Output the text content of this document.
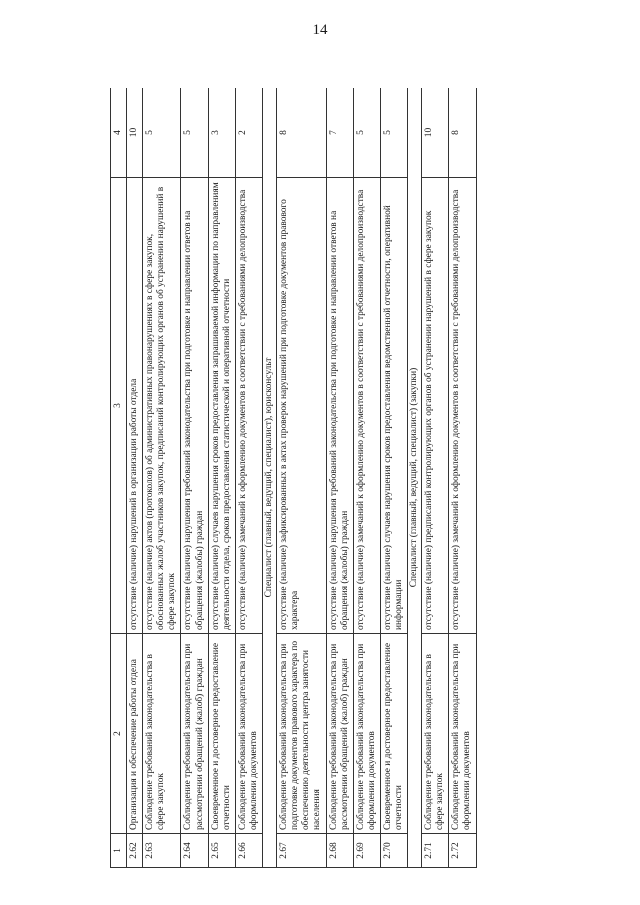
14
1	2	3	4
2.62	Организация и обеспечение работы отдела	отсутствие (наличие) нарушений в организации работы отдела	10
2.63	Соблюдение требований законодательства в сфере закупок	отсутствие (наличие) актов (протоколов) об административных правонарушениях в сфере закупок, обоснованных жалоб участников закупок, предписаний контролирующих органов об устранении нарушений в сфере закупок	5
2.64	Соблюдение требований законодательства при рассмотрении обращений (жалоб) граждан	отсутствие (наличие) нарушения требований законодательства при подготовке и направлении ответов на обращения (жалобы) граждан	5
2.65	Своевременное и достоверное предоставление отчетности	отсутствие (наличие) случаев нарушения сроков предоставления запрашиваемой информации по направлениям деятельности отдела, сроков предоставления статистической и оперативной отчетности	3
2.66	Соблюдение требований законодательства при оформлении документов	отсутствие (наличие) замечаний к оформлению документов в соответствии с требованиями делопроизводства	2
Специалист (главный, ведущий, специалист), юрисконсульт			
2.67	Соблюдение требований законодательства при подготовке документов правового характера по обеспечению деятельности центра занятости населения	отсутствие (наличие) зафиксированных в актах проверок нарушений при подготовке документов правового характера	8
2.68	Соблюдение требований законодательства при рассмотрении обращений (жалоб) граждан	отсутствие (наличие) нарушения требований законодательства при подготовке и направлении ответов на обращения (жалобы) граждан	7
2.69	Соблюдение требований законодательства при оформлении документов	отсутствие (наличие) замечаний к оформлению документов в соответствии с требованиями делопроизводства	5
2.70	Своевременное и достоверное предоставление отчетности	отсутствие (наличие) случаев нарушения сроков предоставления ведомственной отчетности, оперативной информации	5
Специалист (главный, ведущий, специалист) (закупки)			
2.71	Соблюдение требований законодательства в сфере закупок	отсутствие (наличие) предписаний контролирующих органов об устранении нарушений в сфере закупок	10
2.72	Соблюдение требований законодательства при оформлении документов	отсутствие (наличие) замечаний к оформлению документов в соответствии с требованиями делопроизводства	8
